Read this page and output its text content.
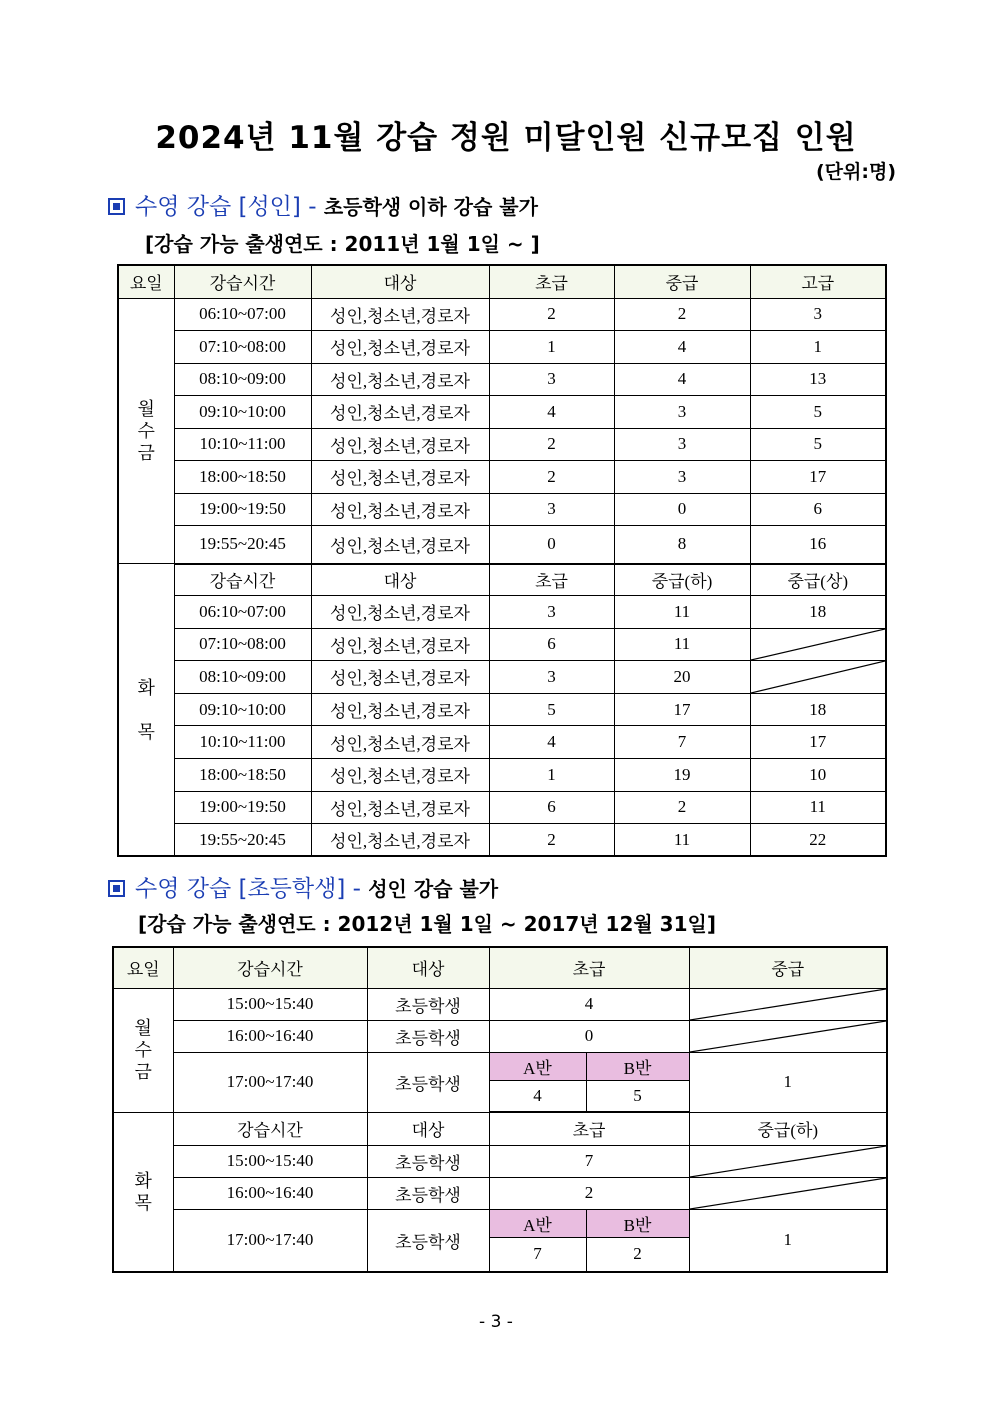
2024년 11월 강습 정원 미달인원 신규모집 인원
(단위:명)
수영 강습 [성인] - 초등학생 이하 강습 불가
[강습 가능 출생연도 : 2011년 1월 1일 ~ ]
요일	강습시간	대상	초급	중급	고급
월
수
금	06:10~07:00	성인,청소년,경로자	2	2	3
	07:10~08:00	성인,청소년,경로자	1	4	1
	08:10~09:00	성인,청소년,경로자	3	4	13
	09:10~10:00	성인,청소년,경로자	4	3	5
	10:10~11:00	성인,청소년,경로자	2	3	5
	18:00~18:50	성인,청소년,경로자	2	3	17
	19:00~19:50	성인,청소년,경로자	3	0	6
	19:55~20:45	성인,청소년,경로자	0	8	16
화

목	강습시간	대상	초급	중급(하)	중급(상)
	06:10~07:00	성인,청소년,경로자	3	11	18
	07:10~08:00	성인,청소년,경로자	6	11	
	08:10~09:00	성인,청소년,경로자	3	20	
	09:10~10:00	성인,청소년,경로자	5	17	18
	10:10~11:00	성인,청소년,경로자	4	7	17
	18:00~18:50	성인,청소년,경로자	1	19	10
	19:00~19:50	성인,청소년,경로자	6	2	11
	19:55~20:45	성인,청소년,경로자	2	11	22
수영 강습 [초등학생] - 성인 강습 불가
[강습 가능 출생연도 : 2012년 1월 1일 ~ 2017년 12월 31일]
요일	강습시간	대상	초급		중급
월
수
금	15:00~15:40	초등학생	4		
	16:00~16:40	초등학생	0		
	17:00~17:40	초등학생	A반	B반	1
			4	5	
화
목	강습시간	대상	초급		중급(하)
	15:00~15:40	초등학생	7		
	16:00~16:40	초등학생	2		
	17:00~17:40	초등학생	A반	B반	1
			7	2	
- 3 -
